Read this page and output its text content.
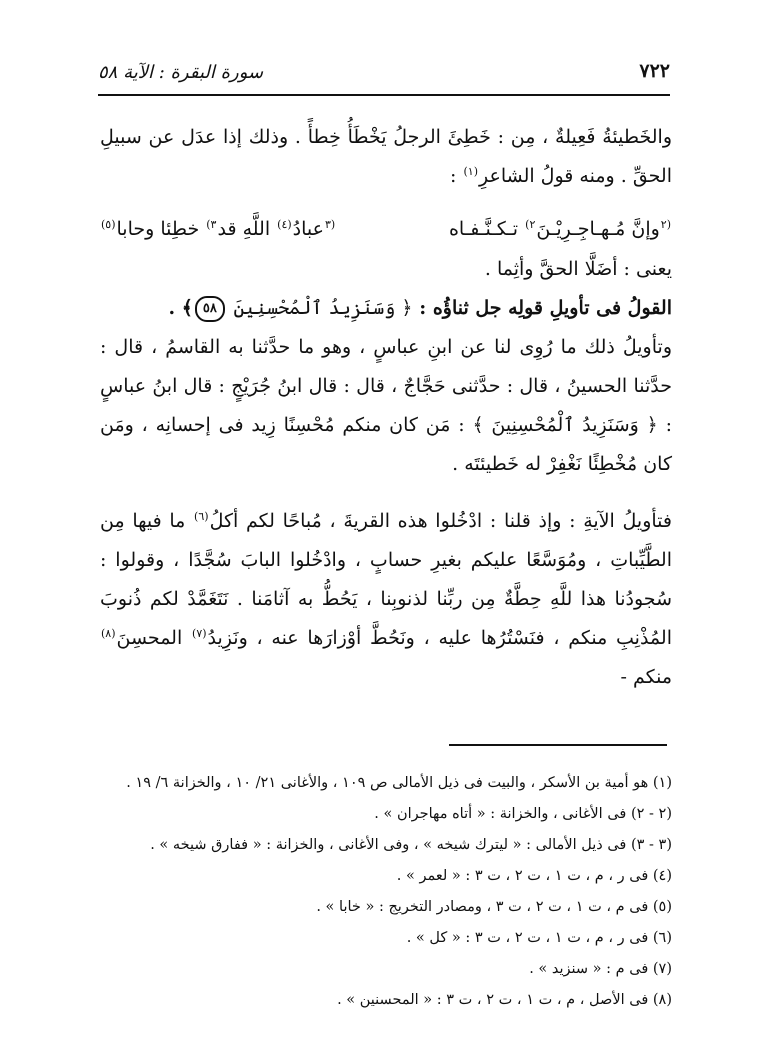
٧٢٢
سورة البقرة : الآية ٥٨

والخَطيئةُ فَعِيلةٌ ، مِن : خَطِئَ الرجلُ يَخْطَأُ خِطأً . وذلك إذا عدَل عن سبيلِ الحقِّ . ومنه قولُ الشاعرِ$^{(١)}$ :

$^{(٢}$وإنَّ مُـهـاجِـرِيْـنَ$^{٢)}$ تـكـنَّـفـاه
$^{(٣}$عبادُ$^{(٤)}$ اللَّهِ قد$^{٣)}$ خطِئا وحابا$^{(٥)}$

يعنى : أضَلَّا الحقَّ وأثِما .

القولُ فى تأويلِ قولِه جل ثناؤُه : ﴿ وَسَنَزِيدُ ٱلْمُحْسِنِينَ ٥٨﴾ .

وتأويلُ ذلك ما رُوِى لنا عن ابنِ عباسٍ ، وهو ما حدَّثنا به القاسمُ ، قال : حدَّثنا الحسينُ ، قال : حدَّثنى حَجَّاجٌ ، قال : قال ابنُ جُرَيْجٍ : قال ابنُ عباسٍ : ﴿ وَسَنَزِيدُ ٱلْمُحْسِنِينَ ﴾ : مَن كان منكم مُحْسِنًا زِيد فى إحسانِه ، ومَن كان مُخْطِئًا نَغْفِرْ له خَطيئتَه .

فتأويلُ الآيةِ : وإذ قلنا : ادْخُلوا هذه القريةَ ، مُباحًا لكم أكلُ$^{(٦)}$ ما فيها مِن الطَّيِّباتِ ، ومُوَسَّعًا عليكم بغيرِ حسابٍ ، وادْخُلوا البابَ سُجَّدًا ، وقولوا : سُجودُنا هذا للَّهِ حِطَّةٌ مِن ربِّنا لذنوبِنا ، يَحُطُّ به آثامَنا . نَتَغَمَّدْ لكم ذُنوبَ المُذْنِبِ منكم ، فنَسْتُرُها عليه ، ونَحُطَّ أوْزارَها عنه ، ونَزِيدُ$^{(٧)}$ المحسِنَ$^{(٨)}$ منكم -

(١) هو أمية بن الأسكر ، والبيت فى ذيل الأمالى ص ١٠٩ ، والأغانى ٢١/ ١٠ ، والخزانة ٦/ ١٩ .
(٢ - ٢) فى الأغانى ، والخزانة : « أتاه مهاجران » .
(٣ - ٣) فى ذيل الأمالى : « ليترك شيخه » ، وفى الأغانى ، والخزانة : « ففارق شيخه » .
(٤) فى ر ، م ، ت ١ ، ت ٢ ، ت ٣ : « لعمر » .
(٥) فى م ، ت ١ ، ت ٢ ، ت ٣ ، ومصادر التخريج : « خابا » .
(٦) فى ر ، م ، ت ١ ، ت ٢ ، ت ٣ : « كل » .
(٧) فى م : « سنزيد » .
(٨) فى الأصل ، م ، ت ١ ، ت ٢ ، ت ٣ : « المحسنين » .
